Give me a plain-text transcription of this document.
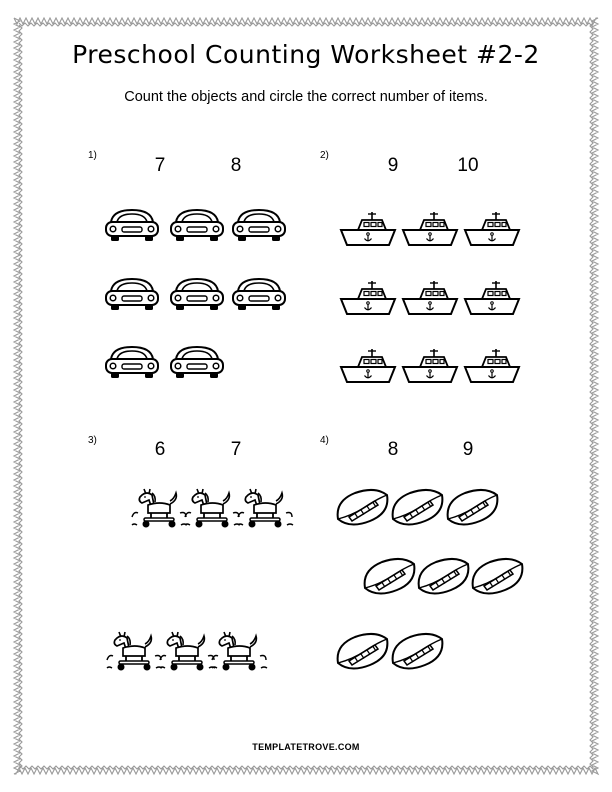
Preschool Counting Worksheet #2-2
Count the objects and circle the correct number of items.
1)	7	8	2)	9	10
3)	6	7	4)	8	9
TEMPLATETROVE.COM
